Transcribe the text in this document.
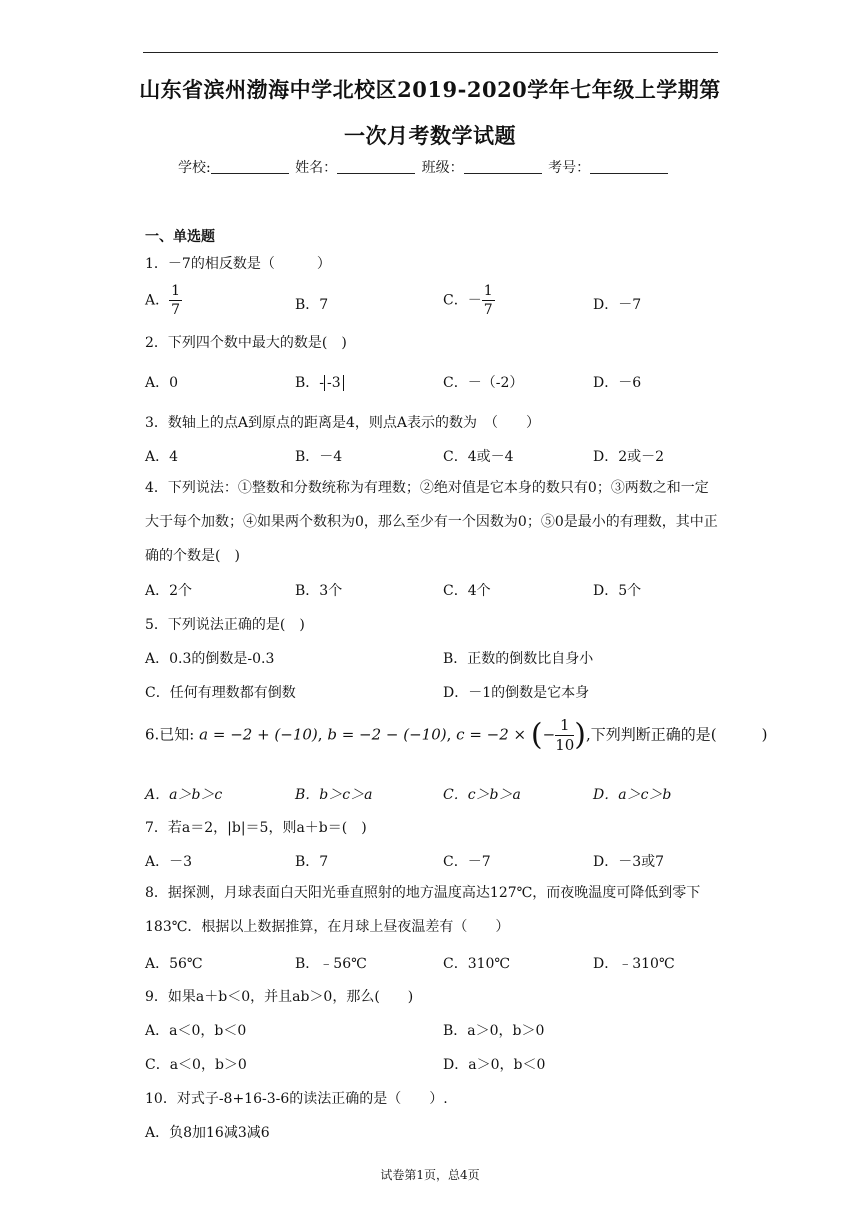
山东省滨州渤海中学北校区2019-2020学年七年级上学期第
一次月考数学试题
学校:	姓名：	班级：	考号：
一、单选题
1．－7的相反数是（　　　）
A． $\frac{1}{7}$	B．7	C．－ $\frac{1}{7}$	D．－7
2．下列四个数中最大的数是(　)
A．0	B．- -3	C．－（-2）	D．－6
3．数轴上的点A到原点的距离是4，则点A表示的数为　（　　）
A．4	B．－4	C．4或－4	D．2或－2
4．下列说法：①整数和分数统称为有理数；②绝对值是它本身的数只有0；③两数之和一定大于每个加数；④如果两个数积为0，那么至少有一个因数为0；⑤0是最小的有理数，其中正确的个数是(　)
A．2个	B．3个	C．4个	D．5个
5．下列说法正确的是(　)
A．0.3的倒数是-0.3	B．正数的倒数比自身小
C．任何有理数都有倒数	D．－1的倒数是它本身
6.已知: a = −2 + (−10), b = −2 − (−10), c = −2 × (− $\frac{1}{10}$ ),下列判断正确的是(　　　)
A．a＞b＞c	B．b＞c＞a	C．c＞b＞a	D．a＞c＞b
7．若a＝2，|b|＝5，则a＋b＝(　)
A．－3	B．7	C．－7	D．－3或7
8．据探测，月球表面白天阳光垂直照射的地方温度高达127℃，而夜晚温度可降低到零下183℃．根据以上数据推算，在月球上昼夜温差有（　　）
A．56℃	B．﹣56℃	C．310℃	D．﹣310℃
9．如果a＋b＜0，并且ab＞0，那么(　　)
A．a＜0，b＜0	B．a＞0，b＞0
C．a＜0，b＞0	D．a＞0，b＜0
10．对式子-8+16-3-6的读法正确的是（　　）.
A．负8加16减3减6
试卷第1页，总4页
